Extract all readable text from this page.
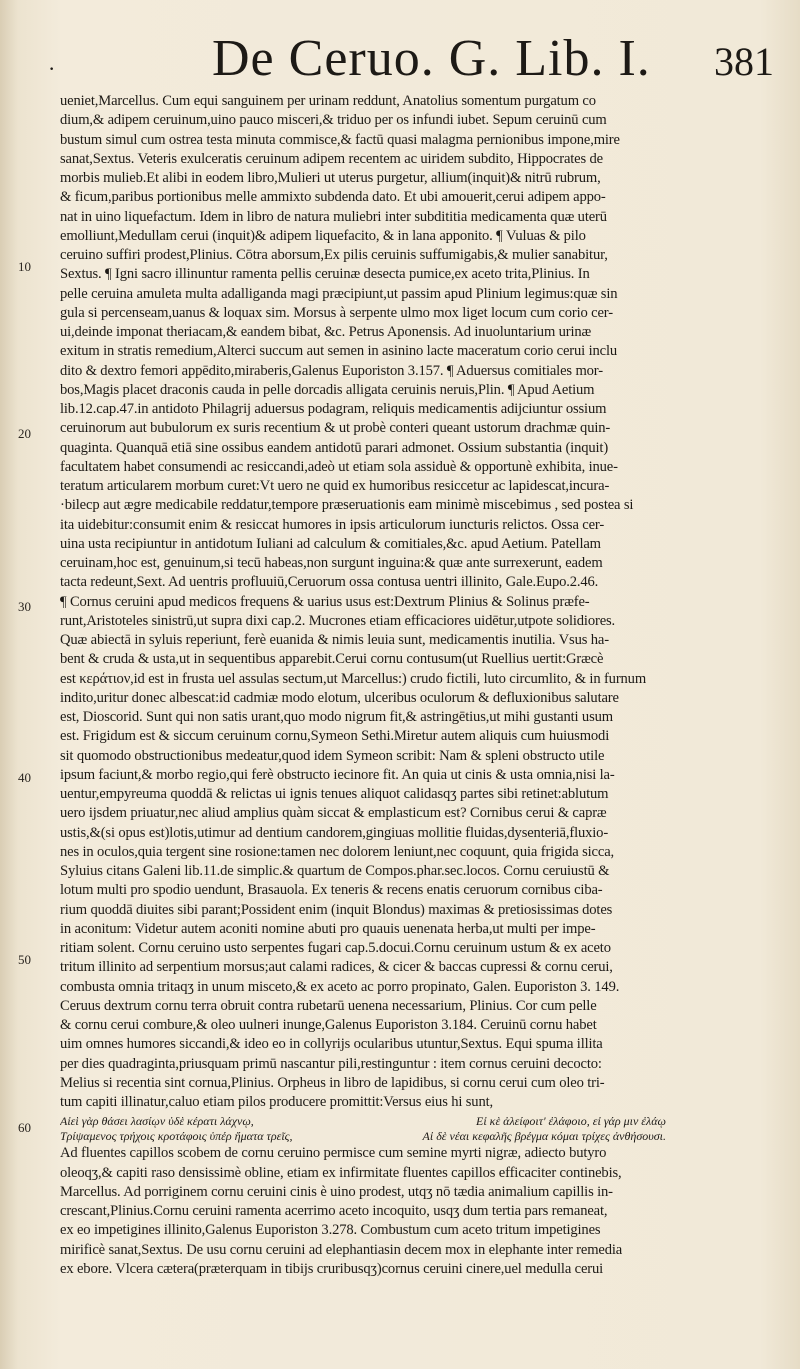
·	De Ceruo. G. Lib. I. 381
10
20
30
40
50
60
ueniet,Marcellus. Cum equi sanguinem per urinam reddunt, Anatolius somentum purgatum co
dium,& adipem ceruinum,uino pauco misceri,& triduo per os infundi iubet. Sepum ceruinū cum
bustum simul cum ostrea testa minuta commisce,& factū quasi malagma pernionibus impone,mire
sanat,Sextus. Veteris exulceratis ceruinum adipem recentem ac uiridem subdito, Hippocrates de
morbis mulieb.Et alibi in eodem libro,Mulieri ut uterus purgetur, allium(inquit)& nitrū rubrum,
& ficum,paribus portionibus melle ammixto subdenda dato. Et ubi amouerit,cerui adipem appo-
nat in uino liquefactum. Idem in libro de natura muliebri inter subdititia medicamenta quæ uterū
emolliunt,Medullam cerui (inquit)& adipem liquefacito, & in lana apponito. ¶ Vuluas & pilo
ceruino suffiri prodest,Plinius. Cōtra aborsum,Ex pilis ceruinis suffumigabis,& mulier sanabitur,
Sextus. ¶ Igni sacro illinuntur ramenta pellis ceruinæ desecta pumice,ex aceto trita,Plinius. In
pelle ceruina amuleta multa adalliganda magi præcipiunt,ut passim apud Plinium legimus:quæ sin
gula si percenseam,uanus & loquax sim. Morsus à serpente ulmo mox liget locum cum corio cer-
ui,deinde imponat theriacam,& eandem bibat, &c. Petrus Aponensis. Ad inuoluntarium urinæ
exitum in stratis remedium,Alterci succum aut semen in asinino lacte maceratum corio cerui inclu
dito & dextro femori appēdito,miraberis,Galenus Euporiston 3.157. ¶ Aduersus comitiales mor-
bos,Magis placet draconis cauda in pelle dorcadis alligata ceruinis neruis,Plin. ¶ Apud Aetium
lib.12.cap.47.in antidoto Philagrij aduersus podagram, reliquis medicamentis adijciuntur ossium
ceruinorum aut bubulorum ex suris recentium & ut probè conteri queant ustorum drachmæ quin-
quaginta. Quanquā etiā sine ossibus eandem antidotū parari admonet. Ossium substantia (inquit)
facultatem habet consumendi ac resiccandi,adeò ut etiam sola assiduè & opportunè exhibita, inue-
teratum articularem morbum curet:Vt uero ne quid ex humoribus resiccetur ac lapidescat,incura-
·bilecp aut ægre medicabile reddatur,tempore præseruationis eam minimè miscebimus , sed postea si
ita uidebitur:consumit enim & resiccat humores in ipsis articulorum iuncturis relictos. Ossa cer-
uina usta recipiuntur in antidotum Iuliani ad calculum & comitiales,&c. apud Aetium. Patellam
ceruinam,hoc est, genuinum,si tecū habeas,non surgunt inguina:& quæ ante surrexerunt, eadem
tacta redeunt,Sext. Ad uentris profluuiū,Ceruorum ossa contusa uentri illinito, Gale.Eupo.2.46.
¶ Cornus ceruini apud medicos frequens & uarius usus est:Dextrum Plinius & Solinus præfe-
runt,Aristoteles sinistrū,ut supra dixi cap.2. Mucrones etiam efficaciores uidētur,utpote solidiores.
Quæ abiectā in syluis reperiunt, ferè euanida & nimis leuia sunt, medicamentis inutilia. Vsus ha-
bent & cruda & usta,ut in sequentibus apparebit.Cerui cornu contusum(ut Ruellius uertit:Græcè
est κεράτιον,id est in frusta uel assulas sectum,ut Marcellus:) crudo fictili, luto circumlito, & in furnum
indito,uritur donec albescat:id cadmiæ modo elotum, ulceribus oculorum & defluxionibus salutare
est, Dioscorid. Sunt qui non satis urant,quo modo nigrum fit,& astringētius,ut mihi gustanti usum
est. Frigidum est & siccum ceruinum cornu,Symeon Sethi.Miretur autem aliquis cum huiusmodi
sit quomodo obstructionibus medeatur,quod idem Symeon scribit: Nam & spleni obstructo utile
ipsum faciunt,& morbo regio,qui ferè obstructo iecinore fit. An quia ut cinis & usta omnia,nisi la-
uentur,empyreuma quoddā & relictas ui ignis tenues aliquot calidasqʒ partes sibi retinet:ablutum
uero ijsdem priuatur,nec aliud amplius quàm siccat & emplasticum est? Cornibus cerui & capræ
ustis,&(si opus est)lotis,utimur ad dentium candorem,gingiuas mollitie fluidas,dysenteriā,fluxio-
nes in oculos,quia tergent sine rosione:tamen nec dolorem leniunt,nec coquunt, quia frigida sicca,
Syluius citans Galeni lib.11.de simplic.& quartum de Compos.phar.sec.locos. Cornu ceruiustū &
lotum multi pro spodio uendunt, Brasauola. Ex teneris & recens enatis ceruorum cornibus ciba-
rium quoddā diuites sibi parant;Possident enim (inquit Blondus) maximas & pretiosissimas dotes
in aconitum: Videtur autem aconiti nomine abuti pro quauis uenenata herba,ut multi per impe-
ritiam solent. Cornu ceruino usto serpentes fugari cap.5.docui.Cornu ceruinum ustum & ex aceto
tritum illinito ad serpentium morsus;aut calami radices, & cicer & baccas cupressi & cornu cerui,
combusta omnia tritaqʒ in unum misceto,& ex aceto ac porro propinato, Galen. Euporiston 3. 149.
Ceruus dextrum cornu terra obruit contra rubetarū uenena necessarium, Plinius. Cor cum pelle
& cornu cerui combure,& oleo uulneri inunge,Galenus Euporiston 3.184. Ceruinū cornu habet
uim omnes humores siccandi,& ideo eo in collyrijs ocularibus utuntur,Sextus. Equi spuma illita
per dies quadraginta,priusquam primū nascantur pili,restinguntur : item cornus ceruini decocto:
Melius si recentia sint cornua,Plinius. Orpheus in libro de lapidibus, si cornu cerui cum oleo tri-
tum capiti illinatur,caluo etiam pilos producere promittit:Versus eius hi sunt,
Αἰεὶ γὰρ θάσει λασίῳν ὑδὲ κέρατι λάχνῳ,	Εἰ κὲ ἀλείφοιτ' ἐλάφοιο, εἰ γάρ μιν ἐλάῳ
Τρίψαμενος τρήχοις κροτάφοις ὑπέρ ἤματα τρεῖς,	Αἰ δὲ νέαι κεφαλῆς βρέγμα κόμαι τρίχες ἀνθήσουσι.
Ad fluentes capillos scobem de cornu ceruino permisce cum semine myrti nigræ, adiecto butyro
oleoqʒ,& capiti raso densissimè obline, etiam ex infirmitate fluentes capillos efficaciter continebis,
Marcellus. Ad porriginem cornu ceruini cinis è uino prodest, utqʒ nō tædia animalium capillis in-
crescant,Plinius.Cornu ceruini ramenta acerrimo aceto incoquito, usqʒ dum tertia pars remaneat,
ex eo impetigines illinito,Galenus Euporiston 3.278. Combustum cum aceto tritum impetigines
mirificè sanat,Sextus. De usu cornu ceruini ad elephantiasin decem mox in elephante inter remedia
ex ebore. Vlcera cætera(præterquam in tibijs cruribusqʒ)cornus ceruini cinere,uel medulla cerui
